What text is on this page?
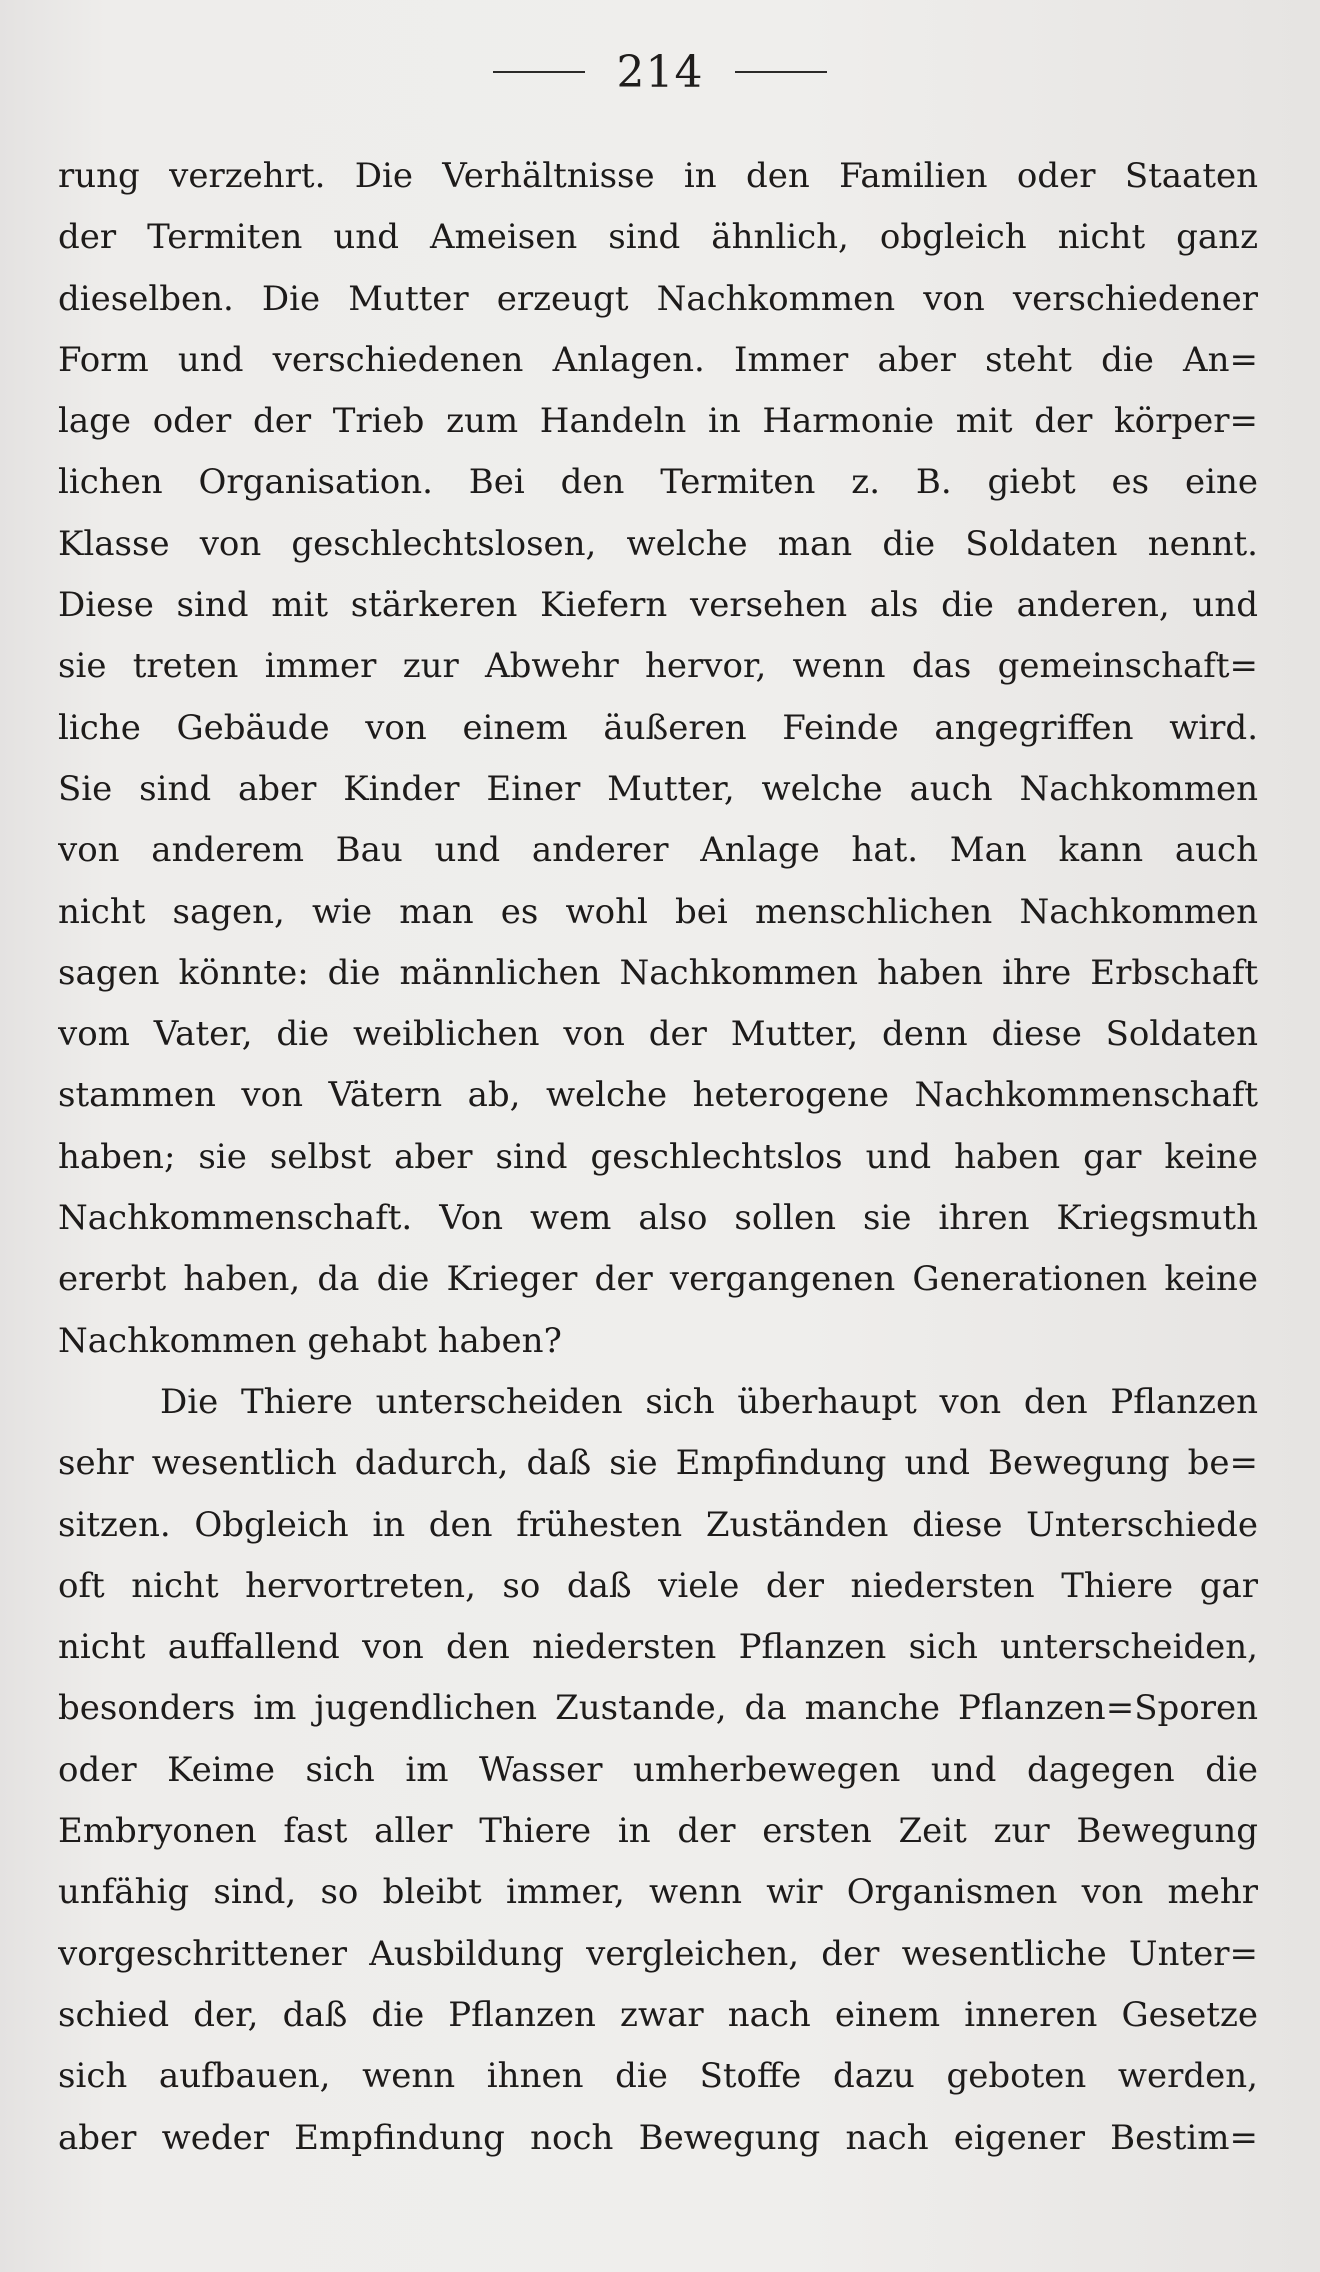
214
rung verzehrt. Die Verhältnisse in den Familien oder Staaten
der Termiten und Ameisen sind ähnlich, obgleich nicht ganz
dieselben. Die Mutter erzeugt Nachkommen von verschiedener
Form und verschiedenen Anlagen. Immer aber steht die An=
lage oder der Trieb zum Handeln in Harmonie mit der körper=
lichen Organisation. Bei den Termiten z. B. giebt es eine
Klasse von geschlechtslosen, welche man die Soldaten nennt.
Diese sind mit stärkeren Kiefern versehen als die anderen, und
sie treten immer zur Abwehr hervor, wenn das gemeinschaft=
liche Gebäude von einem äußeren Feinde angegriffen wird.
Sie sind aber Kinder Einer Mutter, welche auch Nachkommen
von anderem Bau und anderer Anlage hat. Man kann auch
nicht sagen, wie man es wohl bei menschlichen Nachkommen
sagen könnte: die männlichen Nachkommen haben ihre Erbschaft
vom Vater, die weiblichen von der Mutter, denn diese Soldaten
stammen von Vätern ab, welche heterogene Nachkommenschaft
haben; sie selbst aber sind geschlechtslos und haben gar keine
Nachkommenschaft. Von wem also sollen sie ihren Kriegsmuth
ererbt haben, da die Krieger der vergangenen Generationen keine
Nachkommen gehabt haben?
Die Thiere unterscheiden sich überhaupt von den Pflanzen
sehr wesentlich dadurch, daß sie Empfindung und Bewegung be=
sitzen. Obgleich in den frühesten Zuständen diese Unterschiede
oft nicht hervortreten, so daß viele der niedersten Thiere gar
nicht auffallend von den niedersten Pflanzen sich unterscheiden,
besonders im jugendlichen Zustande, da manche Pflanzen=Sporen
oder Keime sich im Wasser umherbewegen und dagegen die
Embryonen fast aller Thiere in der ersten Zeit zur Bewegung
unfähig sind, so bleibt immer, wenn wir Organismen von mehr
vorgeschrittener Ausbildung vergleichen, der wesentliche Unter=
schied der, daß die Pflanzen zwar nach einem inneren Gesetze
sich aufbauen, wenn ihnen die Stoffe dazu geboten werden,
aber weder Empfindung noch Bewegung nach eigener Bestim=
